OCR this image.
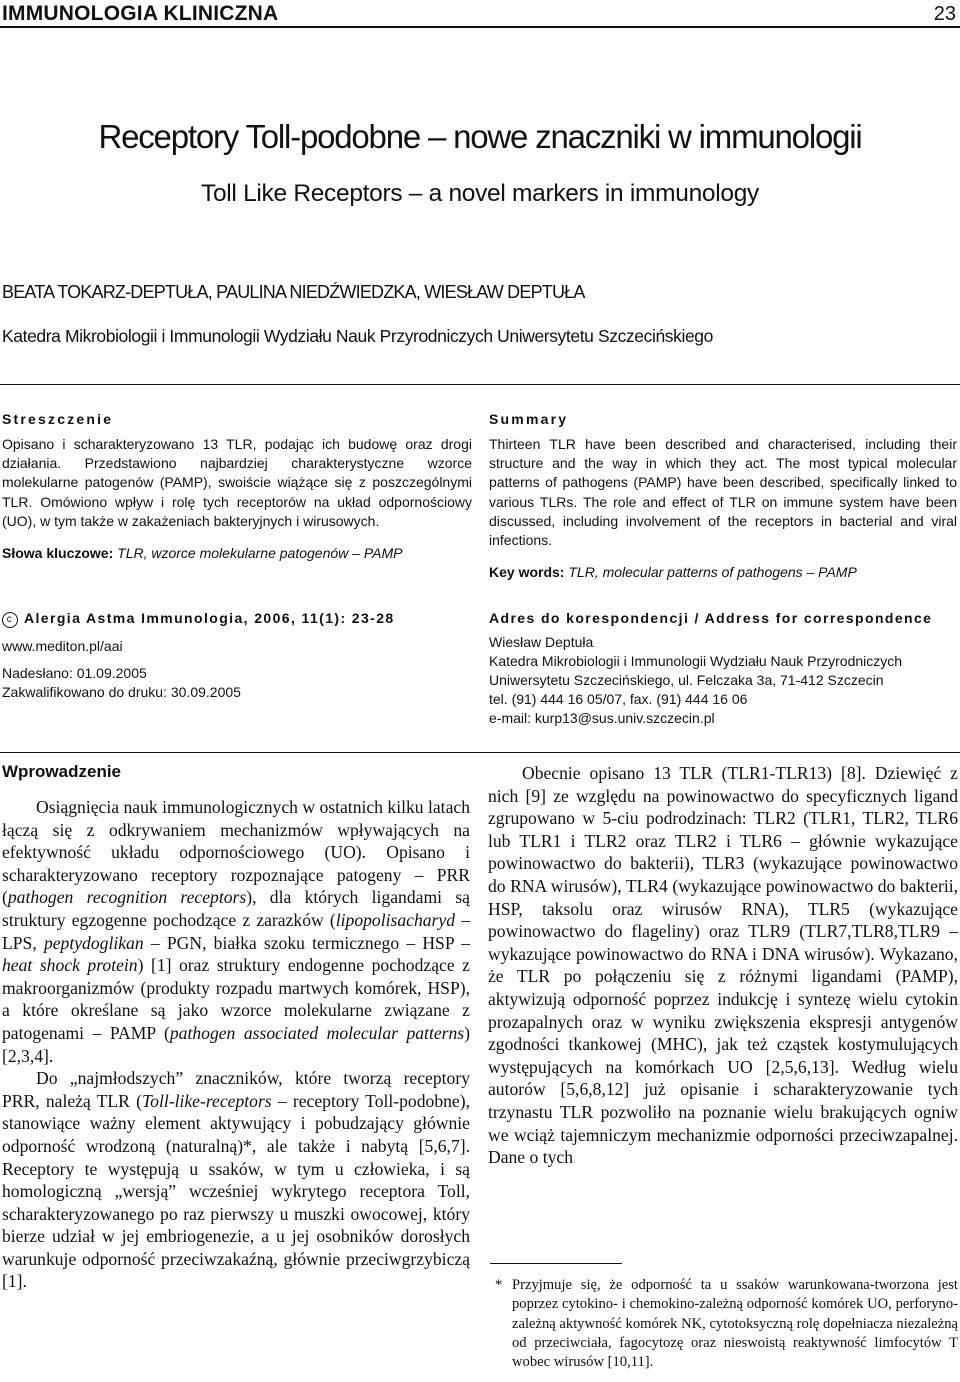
IMMUNOLOGIA KLINICZNA	23
Receptory Toll-podobne – nowe znaczniki w immunologii
Toll Like Receptors – a novel markers in immunology
BEATA TOKARZ-DEPTUŁA, PAULINA NIEDŹWIEDZKA, WIESŁAW DEPTUŁA
Katedra Mikrobiologii i Immunologii Wydziału Nauk Przyrodniczych Uniwersytetu Szczecińskiego
Streszczenie
Opisano i scharakteryzowano 13 TLR, podając ich budowę oraz drogi działania. Przedstawiono najbardziej charakterystyczne wzorce molekularne patogenów (PAMP), swoiście wiążące się z poszczególnymi TLR. Omówiono wpływ i rolę tych receptorów na układ odpornościowy (UO), w tym także w zakażeniach bakteryjnych i wirusowych.
Słowa kluczowe: TLR, wzorce molekularne patogenów – PAMP
Summary
Thirteen TLR have been described and characterised, including their structure and the way in which they act. The most typical molecular patterns of pathogens (PAMP) have been described, specifically linked to various TLRs. The role and effect of TLR on immune system have been discussed, including involvement of the receptors in bacterial and viral infections.
Key words: TLR, molecular patterns of pathogens – PAMP
c Alergia Astma Immunologia, 2006, 11(1): 23-28
www.mediton.pl/aai
Nadesłano: 01.09.2005
Zakwalifikowano do druku: 30.09.2005
Adres do korespondencji / Address for correspondence
Wiesław Deptuła
Katedra Mikrobiologii i Immunologii Wydziału Nauk Przyrodniczych
Uniwersytetu Szczecińskiego, ul. Felczaka 3a, 71-412 Szczecin
tel. (91) 444 16 05/07, fax. (91) 444 16 06
e-mail: kurp13@sus.univ.szczecin.pl
Wprowadzenie

Osiągnięcia nauk immunologicznych w ostatnich kilku latach łączą się z odkrywaniem mechanizmów wpływających na efektywność układu odpornościowego (UO). Opisano i scharakteryzowano receptory rozpoznające patogeny – PRR (pathogen recognition receptors), dla których ligandami są struktury egzogenne pochodzące z zarazków (lipopolisacharyd – LPS, peptydoglikan – PGN, białka szoku termicznego – HSP – heat shock protein) [1] oraz struktury endogenne pochodzące z makroorganizmów (produkty rozpadu martwych komórek, HSP), a które określane są jako wzorce molekularne związane z patogenami – PAMP (pathogen associated molecular patterns) [2,3,4].

Do „najmłodszych” znaczników, które tworzą receptory PRR, należą TLR (Toll-like-receptors – receptory Toll-podobne), stanowiące ważny element aktywujący i pobudzający głównie odporność wrodzoną (naturalną)*, ale także i nabytą [5,6,7]. Receptory te występują u ssaków, w tym u człowieka, i są homologiczną „wersją” wcześniej wykrytego receptora Toll, scharakteryzowanego po raz pierwszy u muszki owocowej, który bierze udział w jej embriogenezie, a u jej osobników dorosłych warunkuje odporność przeciwzakaźną, głównie przeciwgrzybiczą [1].

Obecnie opisano 13 TLR (TLR1-TLR13) [8]. Dziewięć z nich [9] ze względu na powinowactwo do specyficznych ligand zgrupowano w 5-ciu podrodzinach: TLR2 (TLR1, TLR2, TLR6 lub TLR1 i TLR2 oraz TLR2 i TLR6 – głównie wykazujące powinowactwo do bakterii), TLR3 (wykazujące powinowactwo do RNA wirusów), TLR4 (wykazujące powinowactwo do bakterii, HSP, taksolu oraz wirusów RNA), TLR5 (wykazujące powinowactwo do flageliny) oraz TLR9 (TLR7,TLR8,TLR9 – wykazujące powinowactwo do RNA i DNA wirusów). Wykazano, że TLR po połączeniu się z różnymi ligandami (PAMP), aktywizują odporność poprzez indukcję i syntezę wielu cytokin prozapalnych oraz w wyniku zwiększenia ekspresji antygenów zgodności tkankowej (MHC), jak też cząstek kostymulujących występujących na komórkach UO [2,5,6,13]. Według wielu autorów [5,6,8,12] już opisanie i scharakteryzowanie tych trzynastu TLR pozwoliło na poznanie wielu brakujących ogniw we wciąż tajemniczym mechanizmie odporności przeciwzapalnej. Dane o tych

* Przyjmuje się, że odporność ta u ssaków warunkowana-tworzona jest poprzez cytokino- i chemokino-zależną odporność komórek UO, perforyno-zależną aktywność komórek NK, cytotoksyczną rolę dopełniacza niezależną od przeciwciała, fagocytozę oraz nieswoistą reaktywność limfocytów T wobec wirusów [10,11].
